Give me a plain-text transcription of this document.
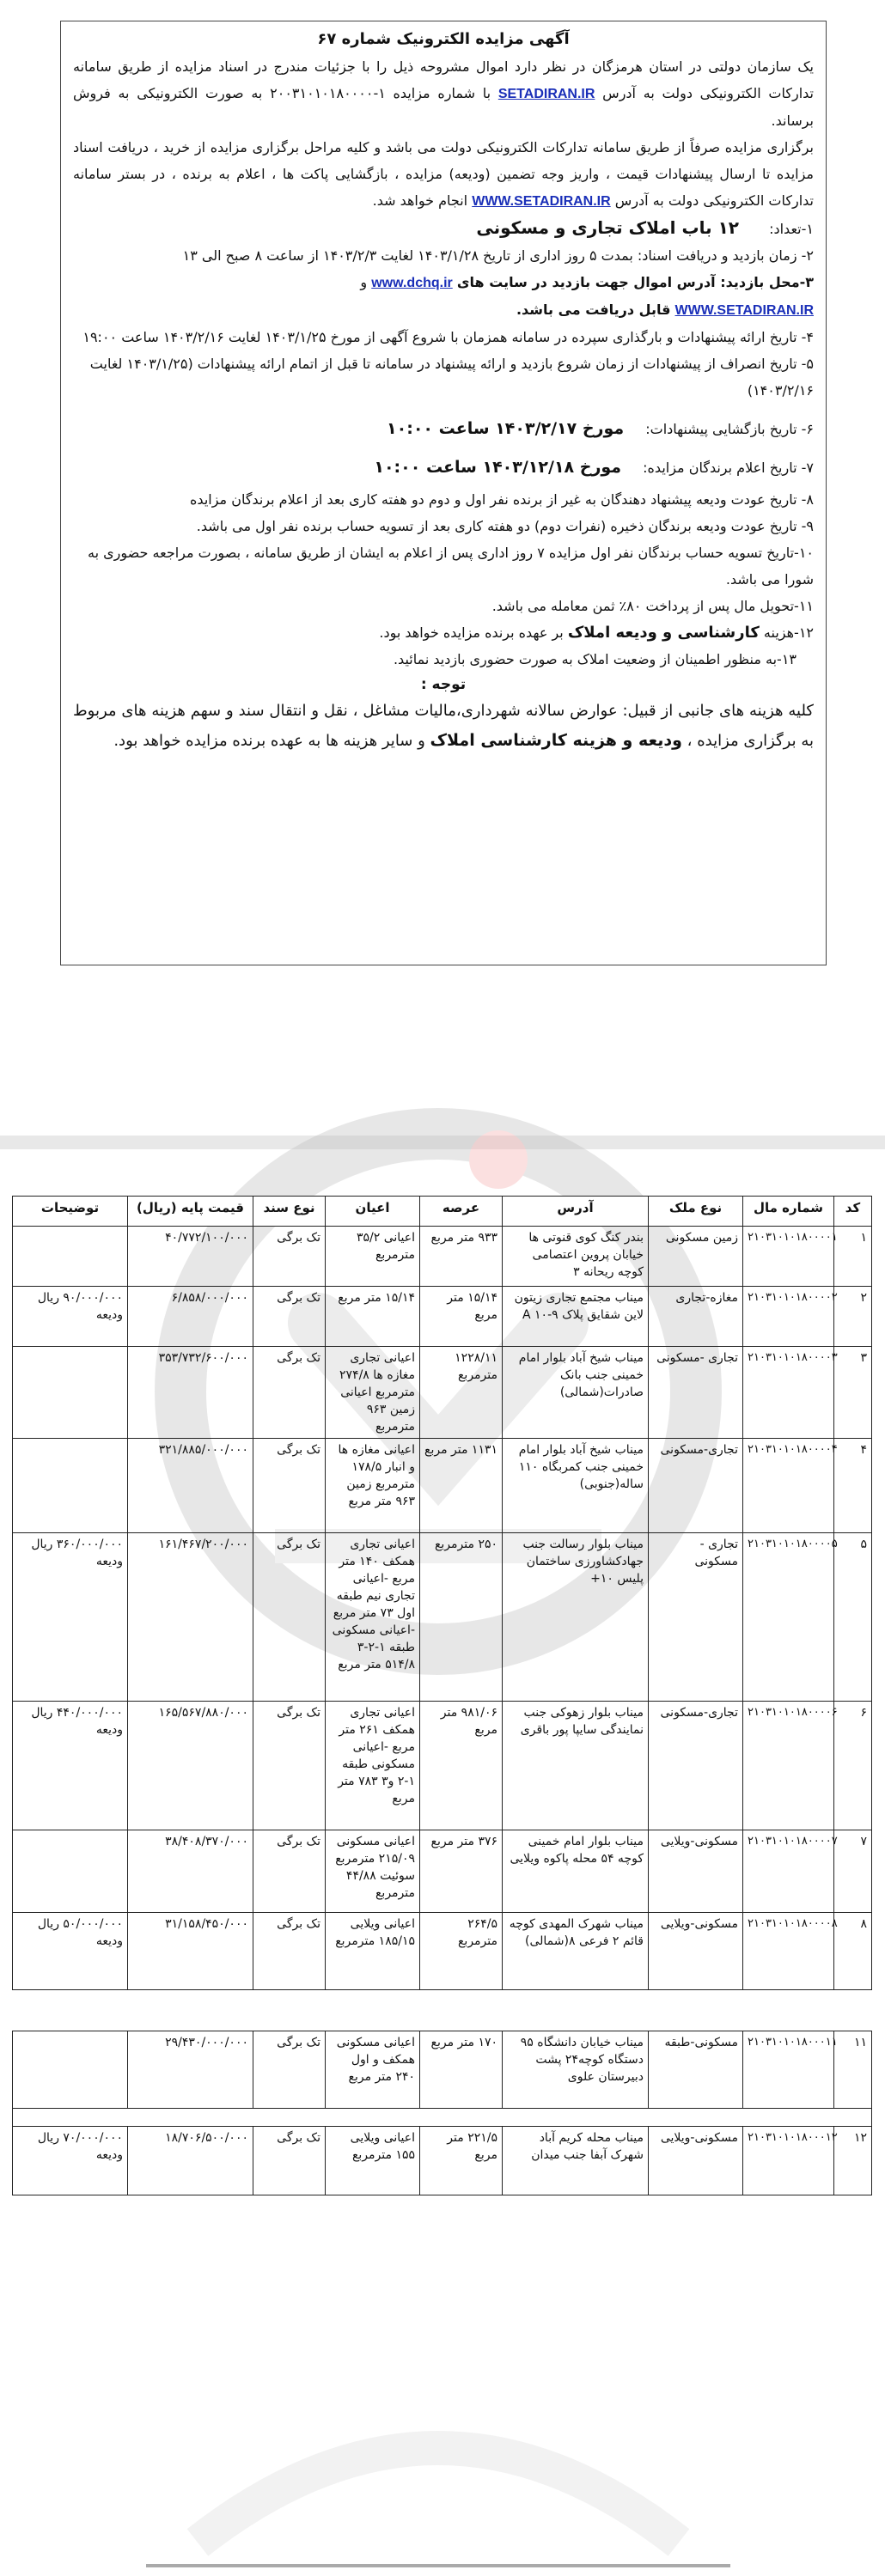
آگهی مزایده الکترونیک شماره ۶۷

یک سازمان دولتی در استان هرمزگان در نظر دارد اموال مشروحه ذیل را با جزئیات مندرج در اسناد مزایده از طریق سامانه تدارکات الکترونیکی دولت به آدرس SETADIRAN.IR با شماره مزایده ۱-۲۰۰۳۱۰۱۰۱۸۰۰۰۰ به صورت الکترونیکی به فروش برساند.

برگزاری مزایده صرفاً از طریق سامانه تدارکات الکترونیکی دولت می باشد و کلیه مراحل برگزاری مزایده از خرید ، دریافت اسناد مزایده تا ارسال پیشنهادات قیمت ، واریز وجه تضمین (ودیعه) مزایده ، بازگشایی پاکت ها ، اعلام به برنده ، در بستر سامانه تدارکات الکترونیکی دولت به آدرس WWW.SETADIRAN.IR انجام خواهد شد.

۱-تعداد: ۱۲ باب املاک تجاری و مسکونی

۲- زمان بازدید و دریافت اسناد: بمدت ۵ روز اداری از تاریخ ۱۴۰۳/۱/۲۸ لغایت ۱۴۰۳/۲/۳ از ساعت ۸ صبح الی ۱۳

۳-محل بازدید: آدرس اموال جهت بازدید در سایت های www.dchq.ir و

WWW.SETADIRAN.IR قابل دریافت می باشد.

۴- تاریخ ارائه پیشنهادات و بارگذاری سپرده در سامانه همزمان با شروع آگهی از مورخ ۱۴۰۳/۱/۲۵ لغایت ۱۴۰۳/۲/۱۶ ساعت ۱۹:۰۰

۵- تاریخ انصراف از پیشنهادات از زمان شروع بازدید و ارائه پیشنهاد در سامانه تا قبل از اتمام ارائه پیشنهادات (۱۴۰۳/۱/۲۵ لغایت ۱۴۰۳/۲/۱۶)

۶- تاریخ بازگشایی پیشنهادات: مورخ ۱۴۰۳/۲/۱۷ ساعت ۱۰:۰۰

۷- تاریخ اعلام برندگان مزایده: مورخ ۱۴۰۳/۱۲/۱۸ ساعت ۱۰:۰۰

۸- تاریخ عودت ودیعه پیشنهاد دهندگان به غیر از برنده نفر اول و دوم دو هفته کاری بعد از اعلام برندگان مزایده

۹- تاریخ عودت ودیعه برندگان ذخیره (نفرات دوم) دو هفته کاری بعد از تسویه حساب برنده نفر اول می باشد.

۱۰-تاریخ تسویه حساب برندگان نفر اول مزایده ۷ روز اداری پس از اعلام به ایشان از طریق سامانه ، بصورت مراجعه حضوری به شورا می باشد.

۱۱-تحویل مال پس از پرداخت ۸۰٪ ثمن معامله می باشد.

۱۲-هزینه کارشناسی و ودیعه املاک بر عهده برنده مزایده خواهد بود.

۱۳-به منظور اطمینان از وضعیت املاک به صورت حضوری بازدید نمائید.

توجه :

کلیه هزینه های جانبی از قبیل: عوارض سالانه شهرداری،مالیات مشاغل ، نقل و انتقال سند و سهم هزینه های مربوط به برگزاری مزایده ، ودیعه و هزینه کارشناسی املاک و سایر هزینه ها به عهده برنده مزایده خواهد بود.

کد	شماره مال	نوع ملک	آدرس	عرصه	اعیان	نوع سند	قیمت پایه (ریال)	توضیحات
۱	۲۱۰۳۱۰۱۰۱۸۰۰۰۰۱	زمین مسکونی	بندر کنگ کوی قنوتی ها خیابان پروین اعتصامی کوچه ریحانه ۳	۹۳۳ متر مربع	اعیانی ۳۵/۲ مترمربع	تک برگی	۴۰/۷۷۲/۱۰۰/۰۰۰	
۲	۲۱۰۳۱۰۱۰۱۸۰۰۰۰۲	مغازه-تجاری	میناب مجتمع تجاری زیتون لاین شقایق پلاک ۹-۱۰ A	۱۵/۱۴ متر مربع	۱۵/۱۴ متر مربع	تک برگی	۶/۸۵۸/۰۰۰/۰۰۰	۹۰/۰۰۰/۰۰۰ ریال ودیعه
۳	۲۱۰۳۱۰۱۰۱۸۰۰۰۰۳	تجاری -مسکونی	میناب شیخ آباد بلوار امام خمینی جنب بانک صادرات(شمالی)	۱۲۲۸/۱۱ مترمربع	اعیانی تجاری مغازه ها ۲۷۴/۸ مترمربع اعیانی زمین ۹۶۳ مترمربع	تک برگی	۳۵۳/۷۳۲/۶۰۰/۰۰۰	
۴	۲۱۰۳۱۰۱۰۱۸۰۰۰۰۴	تجاری-مسکونی	میناب شیخ آباد بلوار امام خمینی جنب کمربگاه ۱۱۰ ساله(جنوبی)	۱۱۳۱ متر مربع	اعیانی مغازه ها و انبار ۱۷۸/۵ مترمربع زمین ۹۶۳ متر مربع	تک برگی	۳۲۱/۸۸۵/۰۰۰/۰۰۰	
۵	۲۱۰۳۱۰۱۰۱۸۰۰۰۰۵	تجاری - مسکونی	میناب بلوار رسالت جنب جهادکشاورزی ساختمان پلیس ۱۰+	۲۵۰ مترمربع	اعیانی تجاری همکف ۱۴۰ متر مربع -اعیانی تجاری نیم طبقه اول ۷۳ متر مربع -اعیانی مسکونی طبقه ۱-۲-۳ ۵۱۴/۸ متر مربع	تک برگی	۱۶۱/۴۶۷/۲۰۰/۰۰۰	۳۶۰/۰۰۰/۰۰۰ ریال ودیعه
۶	۲۱۰۳۱۰۱۰۱۸۰۰۰۰۶	تجاری-مسکونی	میناب بلوار زهوکی جنب نمایندگی سایپا پور باقری	۹۸۱/۰۶ متر مربع	اعیانی تجاری همکف ۲۶۱ متر مربع -اعیانی مسکونی طبقه ۱-۲ و۳ ۷۸۳ متر مربع	تک برگی	۱۶۵/۵۶۷/۸۸۰/۰۰۰	۴۴۰/۰۰۰/۰۰۰ ریال ودیعه
۷	۲۱۰۳۱۰۱۰۱۸۰۰۰۰۷	مسکونی-ویلایی	میناب بلوار امام خمینی کوچه ۵۴ محله پاکوه ویلایی	۳۷۶ متر مربع	اعیانی مسکونی ۲۱۵/۰۹ مترمربع سوئیت ۴۴/۸۸ مترمربع	تک برگی	۳۸/۴۰۸/۳۷۰/۰۰۰	
۸	۲۱۰۳۱۰۱۰۱۸۰۰۰۰۸	مسکونی-ویلایی	میناب شهرک المهدی کوچه قائم ۲ فرعی ۸(شمالی)	۲۶۴/۵ مترمربع	اعیانی ویلایی ۱۸۵/۱۵ مترمربع	تک برگی	۳۱/۱۵۸/۴۵۰/۰۰۰	۵۰/۰۰۰/۰۰۰ ریال ودیعه
۱۱	۲۱۰۳۱۰۱۰۱۸۰۰۰۱۱	مسکونی-طبقه	میناب خیابان دانشگاه ۹۵ دستگاه کوچه۲۴ پشت دبیرستان علوی	۱۷۰ متر مربع	اعیانی مسکونی همکف و اول ۲۴۰ متر مربع	تک برگی	۲۹/۴۳۰/۰۰۰/۰۰۰	

۱۲	۲۱۰۳۱۰۱۰۱۸۰۰۰۱۲	مسکونی-ویلایی	میناب محله کریم آباد شهرک آبفا جنب میدان	۲۲۱/۵ متر مربع	اعیانی ویلایی ۱۵۵ مترمربع	تک برگی	۱۸/۷۰۶/۵۰۰/۰۰۰	۷۰/۰۰۰/۰۰۰ ریال ودیعه
